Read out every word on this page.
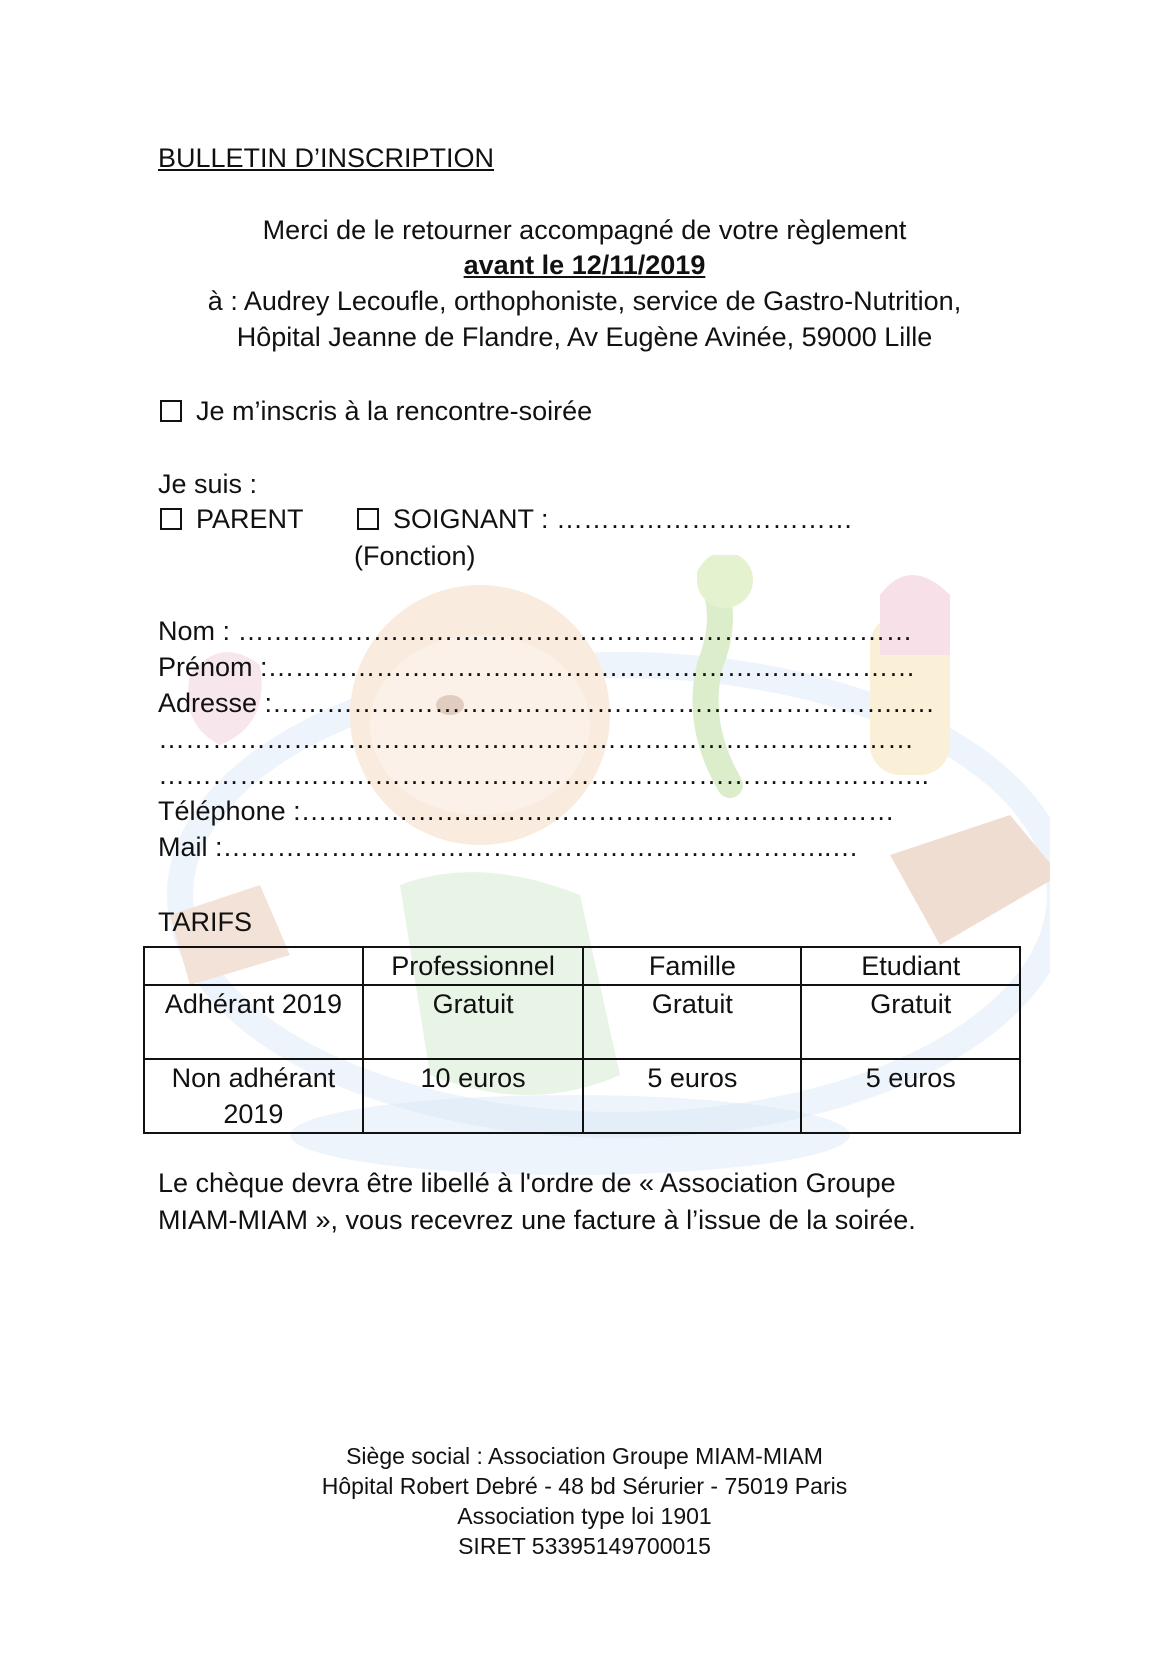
BULLETIN D’INSCRIPTION
Merci de le retourner accompagné de votre règlement
avant le 12/11/2019
à : Audrey Lecoufle, orthophoniste, service de Gastro-Nutrition,
Hôpital Jeanne de Flandre, Av Eugène Avinée, 59000 Lille
Je m’inscris à la rencontre-soirée
Je suis :
PARENT	SOIGNANT : ……………………………
(Fonction)
Nom : …………………………………………………………………
Prénom :………………………………………………………………
Adresse :……………………………………………………………..…
…………………………………………………………………………
…………………………………………………………………………..
Téléphone :…………………………………………………………
Mail :…………………………………………………………..…
TARIFS
	Professionnel	Famille	Etudiant
Adhérant 2019	Gratuit	Gratuit	Gratuit
Non adhérant 2019	10 euros	5 euros	5 euros
Le chèque devra être libellé à l'ordre de « Association Groupe
MIAM-MIAM », vous recevrez une facture à l’issue de la soirée.
Siège social : Association Groupe MIAM-MIAM
Hôpital Robert Debré - 48 bd Sérurier - 75019 Paris
Association type loi 1901
SIRET 53395149700015
